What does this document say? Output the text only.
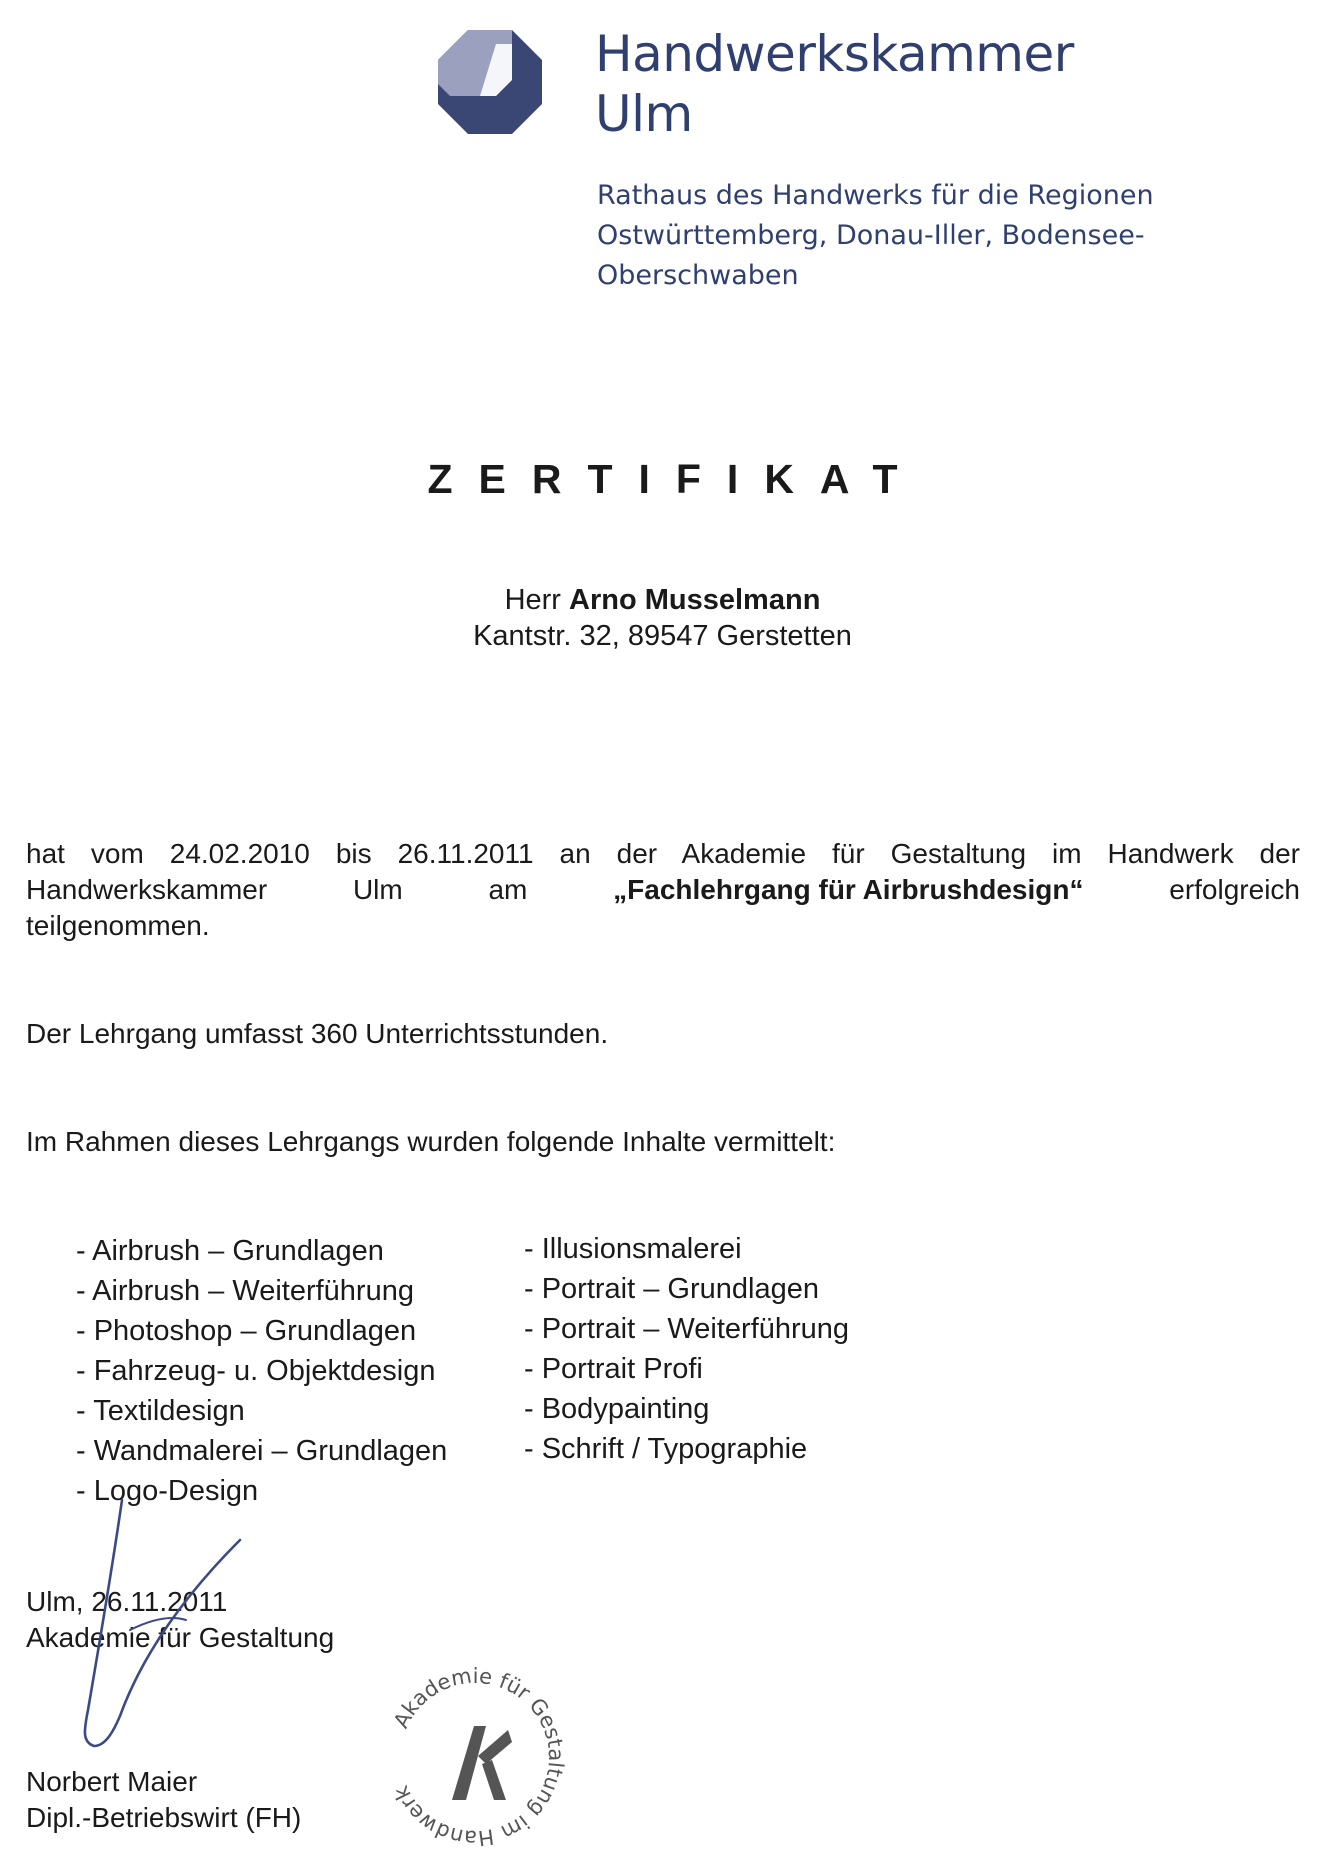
Handwerkskammer
Ulm
Rathaus des Handwerks für die Regionen
Ostwürttemberg, Donau-Iller, Bodensee-Oberschwaben
ZERTIFIKAT
Herr Arno Musselmann
Kantstr. 32, 89547 Gerstetten
hat vom 24.02.2010 bis 26.11.2011 an der Akademie für Gestaltung im Handwerk der
Handwerkskammer	Ulm	am	„Fachlehrgang für Airbrushdesign“	erfolgreich
teilgenommen.
Der Lehrgang umfasst 360 Unterrichtsstunden.
Im Rahmen dieses Lehrgangs wurden folgende Inhalte vermittelt:
- Airbrush – Grundlagen
- Airbrush – Weiterführung
- Photoshop – Grundlagen
- Fahrzeug- u. Objektdesign
- Textildesign
- Wandmalerei – Grundlagen
- Logo-Design
- Illusionsmalerei
- Portrait – Grundlagen
- Portrait – Weiterführung
- Portrait Profi
- Bodypainting
- Schrift / Typographie
Ulm, 26.11.2011
Akademie für Gestaltung
Akademie für Gestaltung im Handwerk
Norbert Maier
Dipl.-Betriebswirt (FH)
